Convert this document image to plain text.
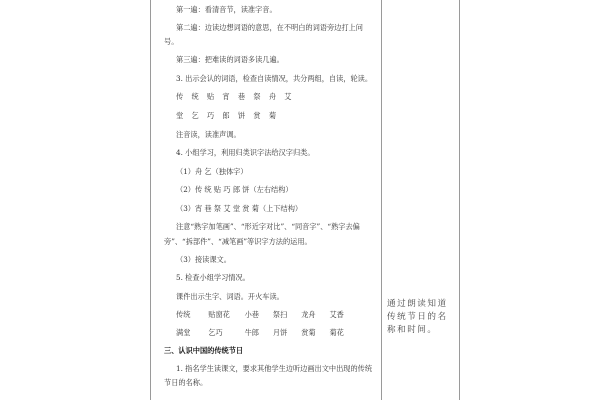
第一遍：看清音节，读准字音。
第二遍：边读边想词语的意思，在不明白的词语旁边打上问
号。
第三遍：把难读的词语多读几遍。
3. 出示会认的词语，检查自读情况，共分两组，自读，轮读。
传 统 贴 宵 巷 祭 舟 艾
堂 乞 巧 郎 饼 赏 菊
注音读，读准声调。
4. 小组学习，利用归类识字法给汉字归类。
（1）舟 乞（独体字）
（2）传 统 贴 巧 郎 饼（左右结构）
（3）宵 巷 祭 艾 堂 赏 菊（上下结构）
注意“熟字加笔画”、“形近字对比”、“同音字”、“熟字去偏
旁”、“拆部件”、“减笔画”等识字方法的运用。
（3）接读课文。
5. 检查小组学习情况。
课件出示生字、词语。开火车读。
传统 贴窗花 小巷 祭扫 龙舟 艾香
满堂 乞巧	牛郎 月饼 赏菊 菊花
三、认识中国的传统节日
1. 指名学生读课文，要求其他学生边听边画出文中出现的传统
节日的名称。
通过朗读知道传统节日的名称和时间。
